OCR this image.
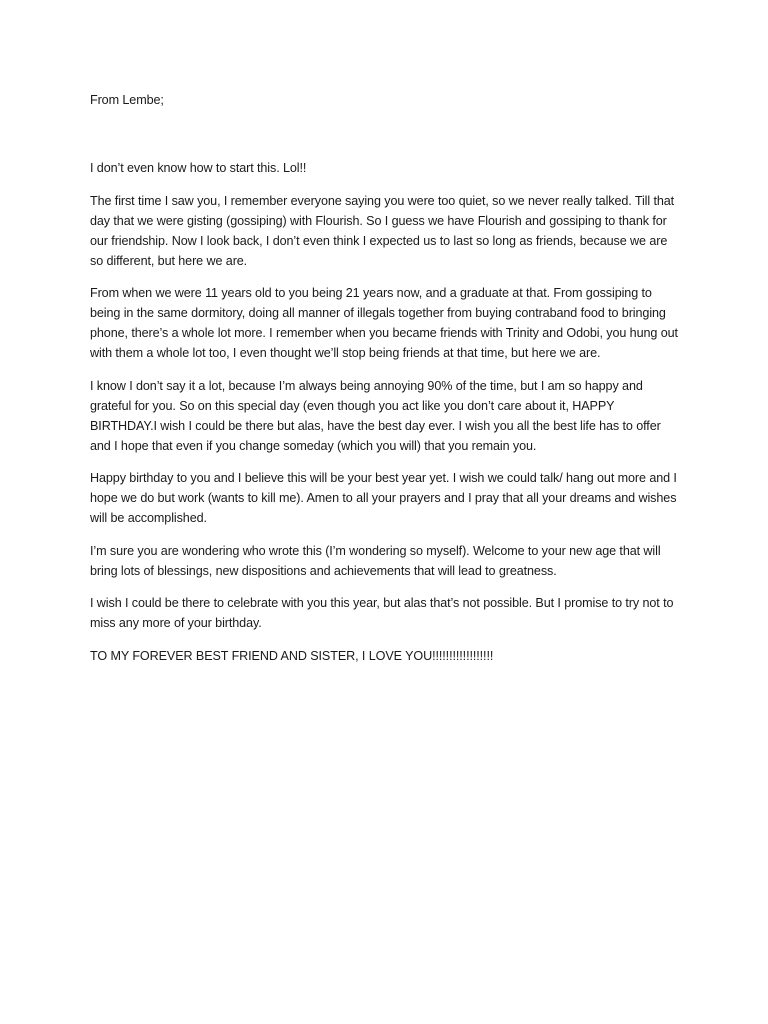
From Lembe;

I don’t even know how to start this. Lol!!

The first time I saw you, I remember everyone saying you were too quiet, so we never really talked. Till that day that we were gisting (gossiping) with Flourish. So I guess we have Flourish and gossiping to thank for our friendship. Now I look back, I don’t even think I expected us to last so long as friends, because we are so different, but here we are.

From when we were 11 years old to you being 21 years now, and a graduate at that. From gossiping to being in the same dormitory, doing all manner of illegals together from buying contraband food to bringing phone, there’s a whole lot more. I remember when you became friends with Trinity and Odobi, you hung out with them a whole lot too, I even thought we’ll stop being friends at that time, but here we are.

I know I don’t say it a lot, because I’m always being annoying 90% of the time, but I am so happy and grateful for you. So on this special day (even though you act like you don’t care about it, HAPPY BIRTHDAY.I wish I could be there but alas, have the best day ever. I wish you all the best life has to offer and I hope that even if you change someday (which you will) that you remain you.

Happy birthday to you and I believe this will be your best year yet. I wish we could talk/ hang out more and I hope we do but work (wants to kill me). Amen to all your prayers and I pray that all your dreams and wishes will be accomplished.

I’m sure you are wondering who wrote this (I’m wondering so myself). Welcome to your new age that will bring lots of blessings, new dispositions and achievements that will lead to greatness.

I wish I could be there to celebrate with you this year, but alas that’s not possible. But I promise to try not to miss any more of your birthday.

TO MY FOREVER BEST FRIEND AND SISTER, I LOVE YOU!!!!!!!!!!!!!!!!!!
